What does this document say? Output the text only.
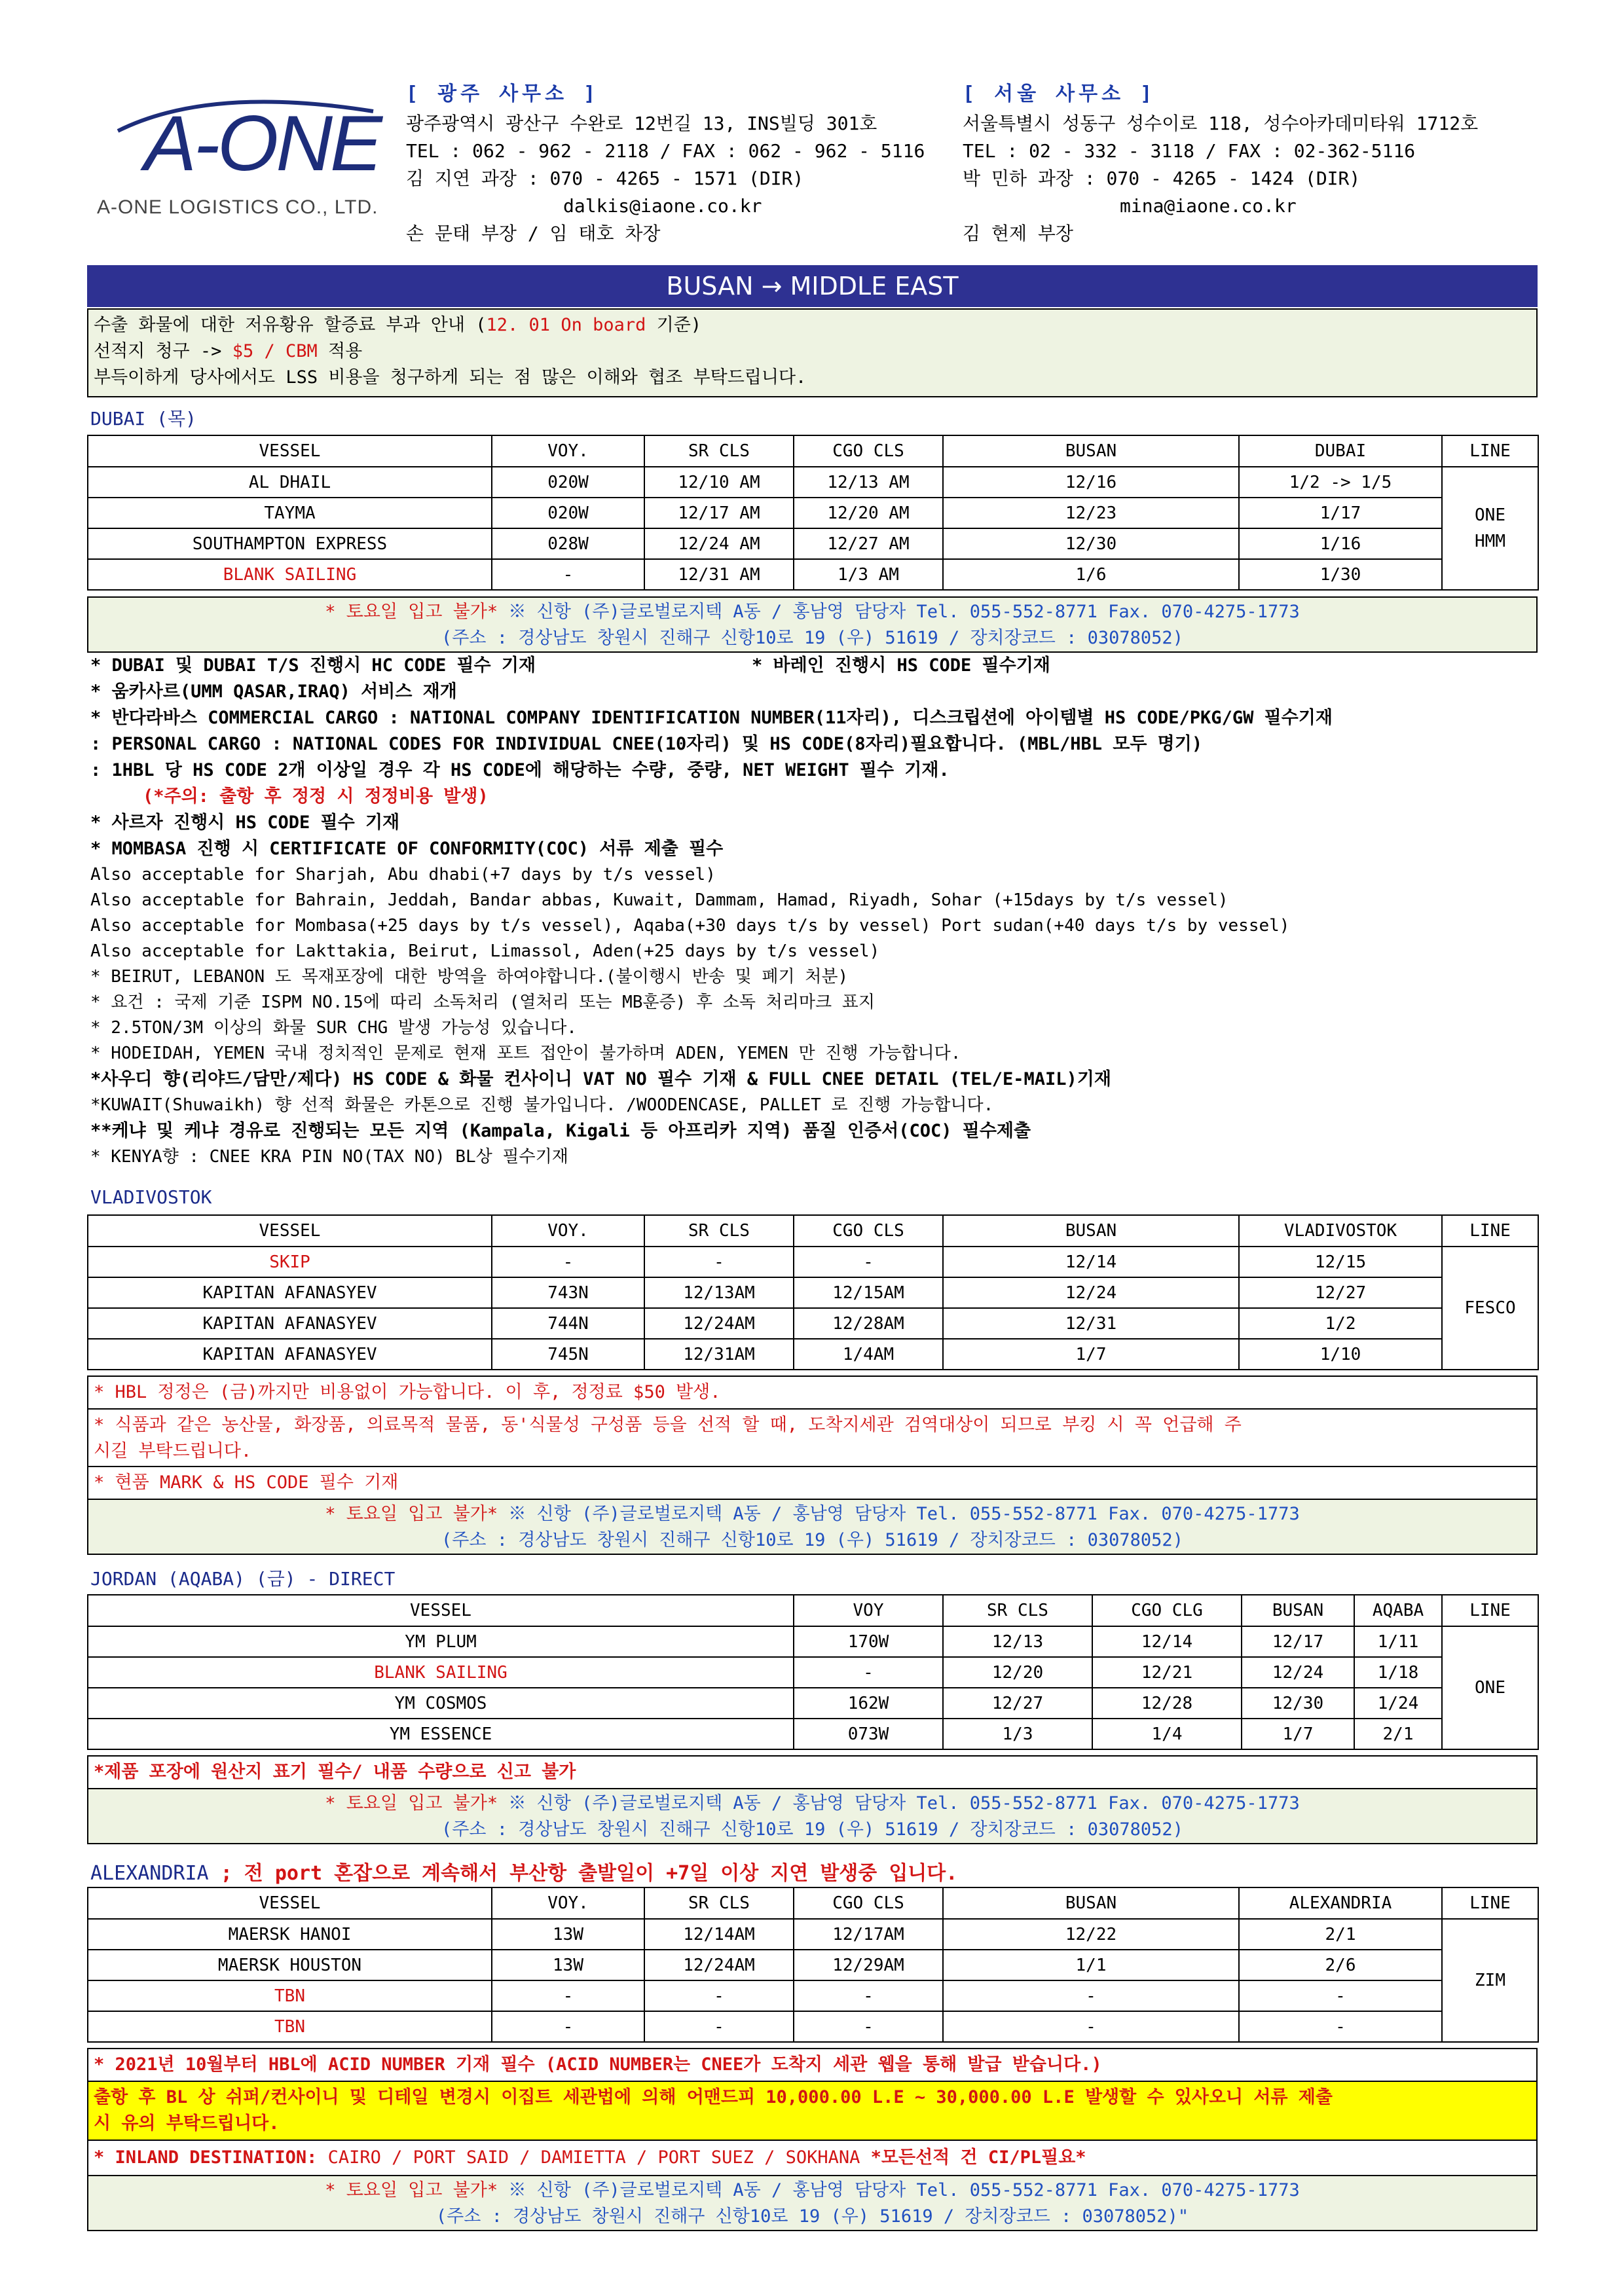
A-ONE
A-ONE LOGISTICS CO., LTD.
[ 광주 사무소 ]
광주광역시 광산구 수완로 12번길 13, INS빌딩 301호
TEL : 062 - 962 - 2118 / FAX : 062 - 962 - 5116
김 지연 과장 : 070 - 4265 - 1571 (DIR)
dalkis@iaone.co.kr
손 문태 부장 / 임 태호 차장
[ 서울 사무소 ]
서울특별시 성동구 성수이로 118, 성수아카데미타워 1712호
TEL : 02 - 332 - 3118 / FAX : 02-362-5116
박 민하 과장 : 070 - 4265 - 1424 (DIR)
mina@iaone.co.kr
김 현제 부장
BUSAN → MIDDLE EAST
수출 화물에 대한 저유황유 할증료 부과 안내 (12. 01 On board 기준)
선적지 청구 -> $5 / CBM 적용
부득이하게 당사에서도 LSS 비용을 청구하게 되는 점 많은 이해와 협조 부탁드립니다.
DUBAI (목)
VESSEL	VOY.	SR CLS	CGO CLS	BUSAN	DUBAI	LINE
AL DHAIL	020W	12/10 AM	12/13 AM	12/16	1/2 -> 1/5	ONE
HMM

TAYMA	020W	12/17 AM	12/20 AM	12/23	1/17	
SOUTHAMPTON EXPRESS	028W	12/24 AM	12/27 AM	12/30	1/16	
BLANK SAILING	-	12/31 AM	1/3 AM	1/6	1/30	
* 토요일 입고 불가* ※ 신항 (주)글로벌로지텍 A동 / 홍남영 담당자 Tel. 055-552-8771 Fax. 070-4275-1773
(주소 : 경상남도 창원시 진해구 신항10로 19 (우) 51619 / 장치장코드 : 03078052)
* DUBAI 및 DUBAI T/S 진행시 HC CODE 필수 기재	* 바레인 진행시 HS CODE 필수기재
* 움카사르(UMM QASAR,IRAQ) 서비스 재개
* 반다라바스 COMMERCIAL CARGO : NATIONAL COMPANY IDENTIFICATION NUMBER(11자리), 디스크립션에 아이템별 HS CODE/PKG/GW 필수기재
: PERSONAL CARGO : NATIONAL CODES FOR INDIVIDUAL CNEE(10자리) 및 HS CODE(8자리)필요합니다. (MBL/HBL 모두 명기)
: 1HBL 당 HS CODE 2개 이상일 경우 각 HS CODE에 해당하는 수량, 중량, NET WEIGHT 필수 기재.
(*주의: 출항 후 정정 시 정정비용 발생)
* 사르자 진행시 HS CODE 필수 기재
* MOMBASA 진행 시 CERTIFICATE OF CONFORMITY(COC) 서류 제출 필수
Also acceptable for Sharjah, Abu dhabi(+7 days by t/s vessel)
Also acceptable for Bahrain, Jeddah, Bandar abbas, Kuwait, Dammam, Hamad, Riyadh, Sohar (+15days by t/s vessel)
Also acceptable for Mombasa(+25 days by t/s vessel), Aqaba(+30 days t/s by vessel) Port sudan(+40 days t/s by vessel)
Also acceptable for Lakttakia, Beirut, Limassol, Aden(+25 days by t/s vessel)
* BEIRUT, LEBANON 도 목재포장에 대한 방역을 하여야합니다.(불이행시 반송 및 폐기 처분)
* 요건 : 국제 기준 ISPM NO.15에 따리 소독처리 (열처리 또는 MB훈증) 후 소독 처리마크 표지
* 2.5TON/3M 이상의 화물 SUR CHG 발생 가능성 있습니다.
* HODEIDAH, YEMEN 국내 정치적인 문제로 현재 포트 접안이 불가하며 ADEN, YEMEN 만 진행 가능합니다.
*사우디 향(리야드/담만/제다) HS CODE & 화물 컨사이니 VAT NO 필수 기재 & FULL CNEE DETAIL (TEL/E-MAIL)기재
*KUWAIT(Shuwaikh) 향 선적 화물은 카톤으로 진행 불가입니다. /WOODENCASE, PALLET 로 진행 가능합니다.
**케냐 및 케냐 경유로 진행되는 모든 지역 (Kampala, Kigali 등 아프리카 지역) 품질 인증서(COC) 필수제출
* KENYA향 : CNEE KRA PIN NO(TAX NO) BL상 필수기재
VLADIVOSTOK
VESSEL	VOY.	SR CLS	CGO CLS	BUSAN	VLADIVOSTOK	LINE
SKIP	-	-	-	12/14	12/15	FESCO
KAPITAN AFANASYEV	743N	12/13AM	12/15AM	12/24	12/27	
KAPITAN AFANASYEV	744N	12/24AM	12/28AM	12/31	1/2	
KAPITAN AFANASYEV	745N	12/31AM	1/4AM	1/7	1/10	
* HBL 정정은 (금)까지만 비용없이 가능합니다. 이 후, 정정료 $50 발생.
* 식품과 같은 농산물, 화장품, 의료목적 물품, 동'식물성 구성품 등을 선적 할 때, 도착지세관 검역대상이 되므로 부킹 시 꼭 언급해 주
시길 부탁드립니다.
* 현품 MARK & HS CODE 필수 기재
* 토요일 입고 불가* ※ 신항 (주)글로벌로지텍 A동 / 홍남영 담당자 Tel. 055-552-8771 Fax. 070-4275-1773
(주소 : 경상남도 창원시 진해구 신항10로 19 (우) 51619 / 장치장코드 : 03078052)
JORDAN (AQABA) (금) - DIRECT
VESSEL	VOY	SR CLS	CGO CLG	BUSAN	AQABA	LINE
YM PLUM	170W	12/13	12/14	12/17	1/11	ONE
BLANK SAILING	-	12/20	12/21	12/24	1/18	
YM COSMOS	162W	12/27	12/28	12/30	1/24	
YM ESSENCE	073W	1/3	1/4	1/7	2/1	
*제품 포장에 원산지 표기 필수/ 내품 수량으로 신고 불가
* 토요일 입고 불가* ※ 신항 (주)글로벌로지텍 A동 / 홍남영 담당자 Tel. 055-552-8771 Fax. 070-4275-1773
(주소 : 경상남도 창원시 진해구 신항10로 19 (우) 51619 / 장치장코드 : 03078052)
ALEXANDRIA ; 전 port 혼잡으로 계속해서 부산항 출발일이 +7일 이상 지연 발생중 입니다.
VESSEL	VOY.	SR CLS	CGO CLS	BUSAN	ALEXANDRIA	LINE
MAERSK HANOI	13W	12/14AM	12/17AM	12/22	2/1	ZIM
MAERSK HOUSTON	13W	12/24AM	12/29AM	1/1	2/6	
TBN	-	-	-	-	-	
TBN	-	-	-	-	-	
* 2021년 10월부터 HBL에 ACID NUMBER 기재 필수 (ACID NUMBER는 CNEE가 도착지 세관 웹을 통해 발급 받습니다.)
출항 후 BL 상 쉬퍼/컨사이니 및 디테일 변경시 이집트 세관법에 의해 어맨드피 10,000.00 L.E ~ 30,000.00 L.E 발생할 수 있사오니 서류 제출
시 유의 부탁드립니다.
* INLAND DESTINATION: CAIRO / PORT SAID / DAMIETTA / PORT SUEZ / SOKHANA *모든선적 건 CI/PL필요*
* 토요일 입고 불가* ※ 신항 (주)글로벌로지텍 A동 / 홍남영 담당자 Tel. 055-552-8771 Fax. 070-4275-1773
(주소 : 경상남도 창원시 진해구 신항10로 19 (우) 51619 / 장치장코드 : 03078052)"
